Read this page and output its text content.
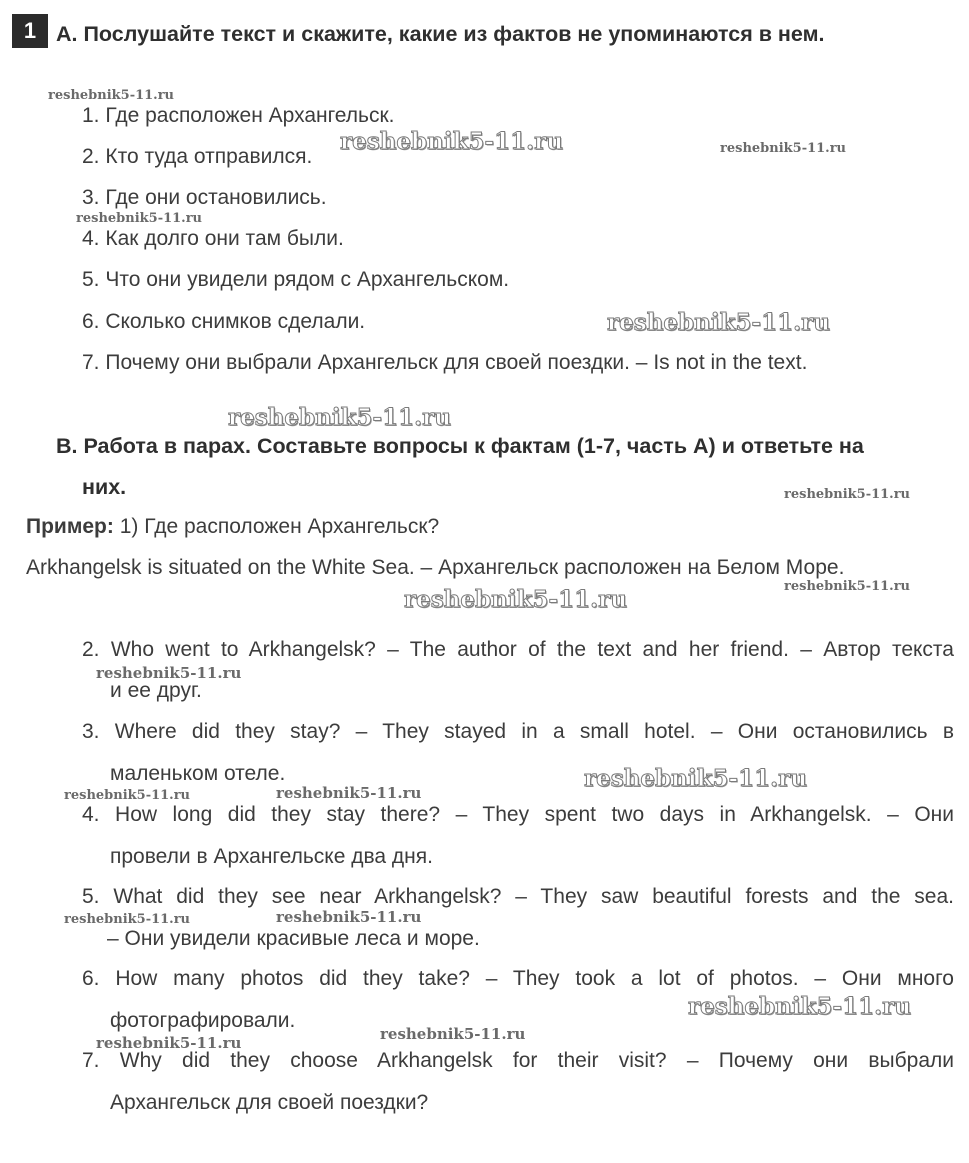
1 A. Послушайте текст и скажите, какие из фактов не упоминаются в нем.
1. Где расположен Архангельск.
2. Кто туда отправился.
3. Где они остановились.
4. Как долго они там были.
5. Что они увидели рядом с Архангельском.
6. Сколько снимков сделали.
7. Почему они выбрали Архангельск для своей поездки. – Is not in the text.
B. Работа в парах. Составьте вопросы к фактам (1-7, часть А) и ответьте на
них.
Пример: 1) Где расположен Архангельск?
Arkhangelsk is situated on the White Sea. – Архангельск расположен на Белом Море.
2. Who went to Arkhangelsk? – The author of the text and her friend. – Автор текста
и ее друг.
3. Where did they stay? – They stayed in a small hotel. – Они остановились в
маленьком отеле.
4. How long did they stay there? – They spent two days in Arkhangelsk. – Они
провели в Архангельске два дня.
5. What did they see near Arkhangelsk? – They saw beautiful forests and the sea.
– Они увидели красивые леса и море.
6. How many photos did they take? – They took a lot of photos. – Они много
фотографировали.
7. Why did they choose Arkhangelsk for their visit? – Почему они выбрали
Архангельск для своей поездки?
reshebnik5-11.ru
reshebnik5-11.ru	reshebnik5-11.ru
reshebnik5-11.ru
reshebnik5-11.ru
reshebnik5-11.ru
reshebnik5-11.ru
reshebnik5-11.ru
reshebnik5-11.ru
reshebnik5-11.ru
reshebnik5-11.ru
reshebnik5-11.ru	reshebnik5-11.ru
reshebnik5-11.ru	reshebnik5-11.ru
reshebnik5-11.ru
reshebnik5-11.ru	reshebnik5-11.ru
